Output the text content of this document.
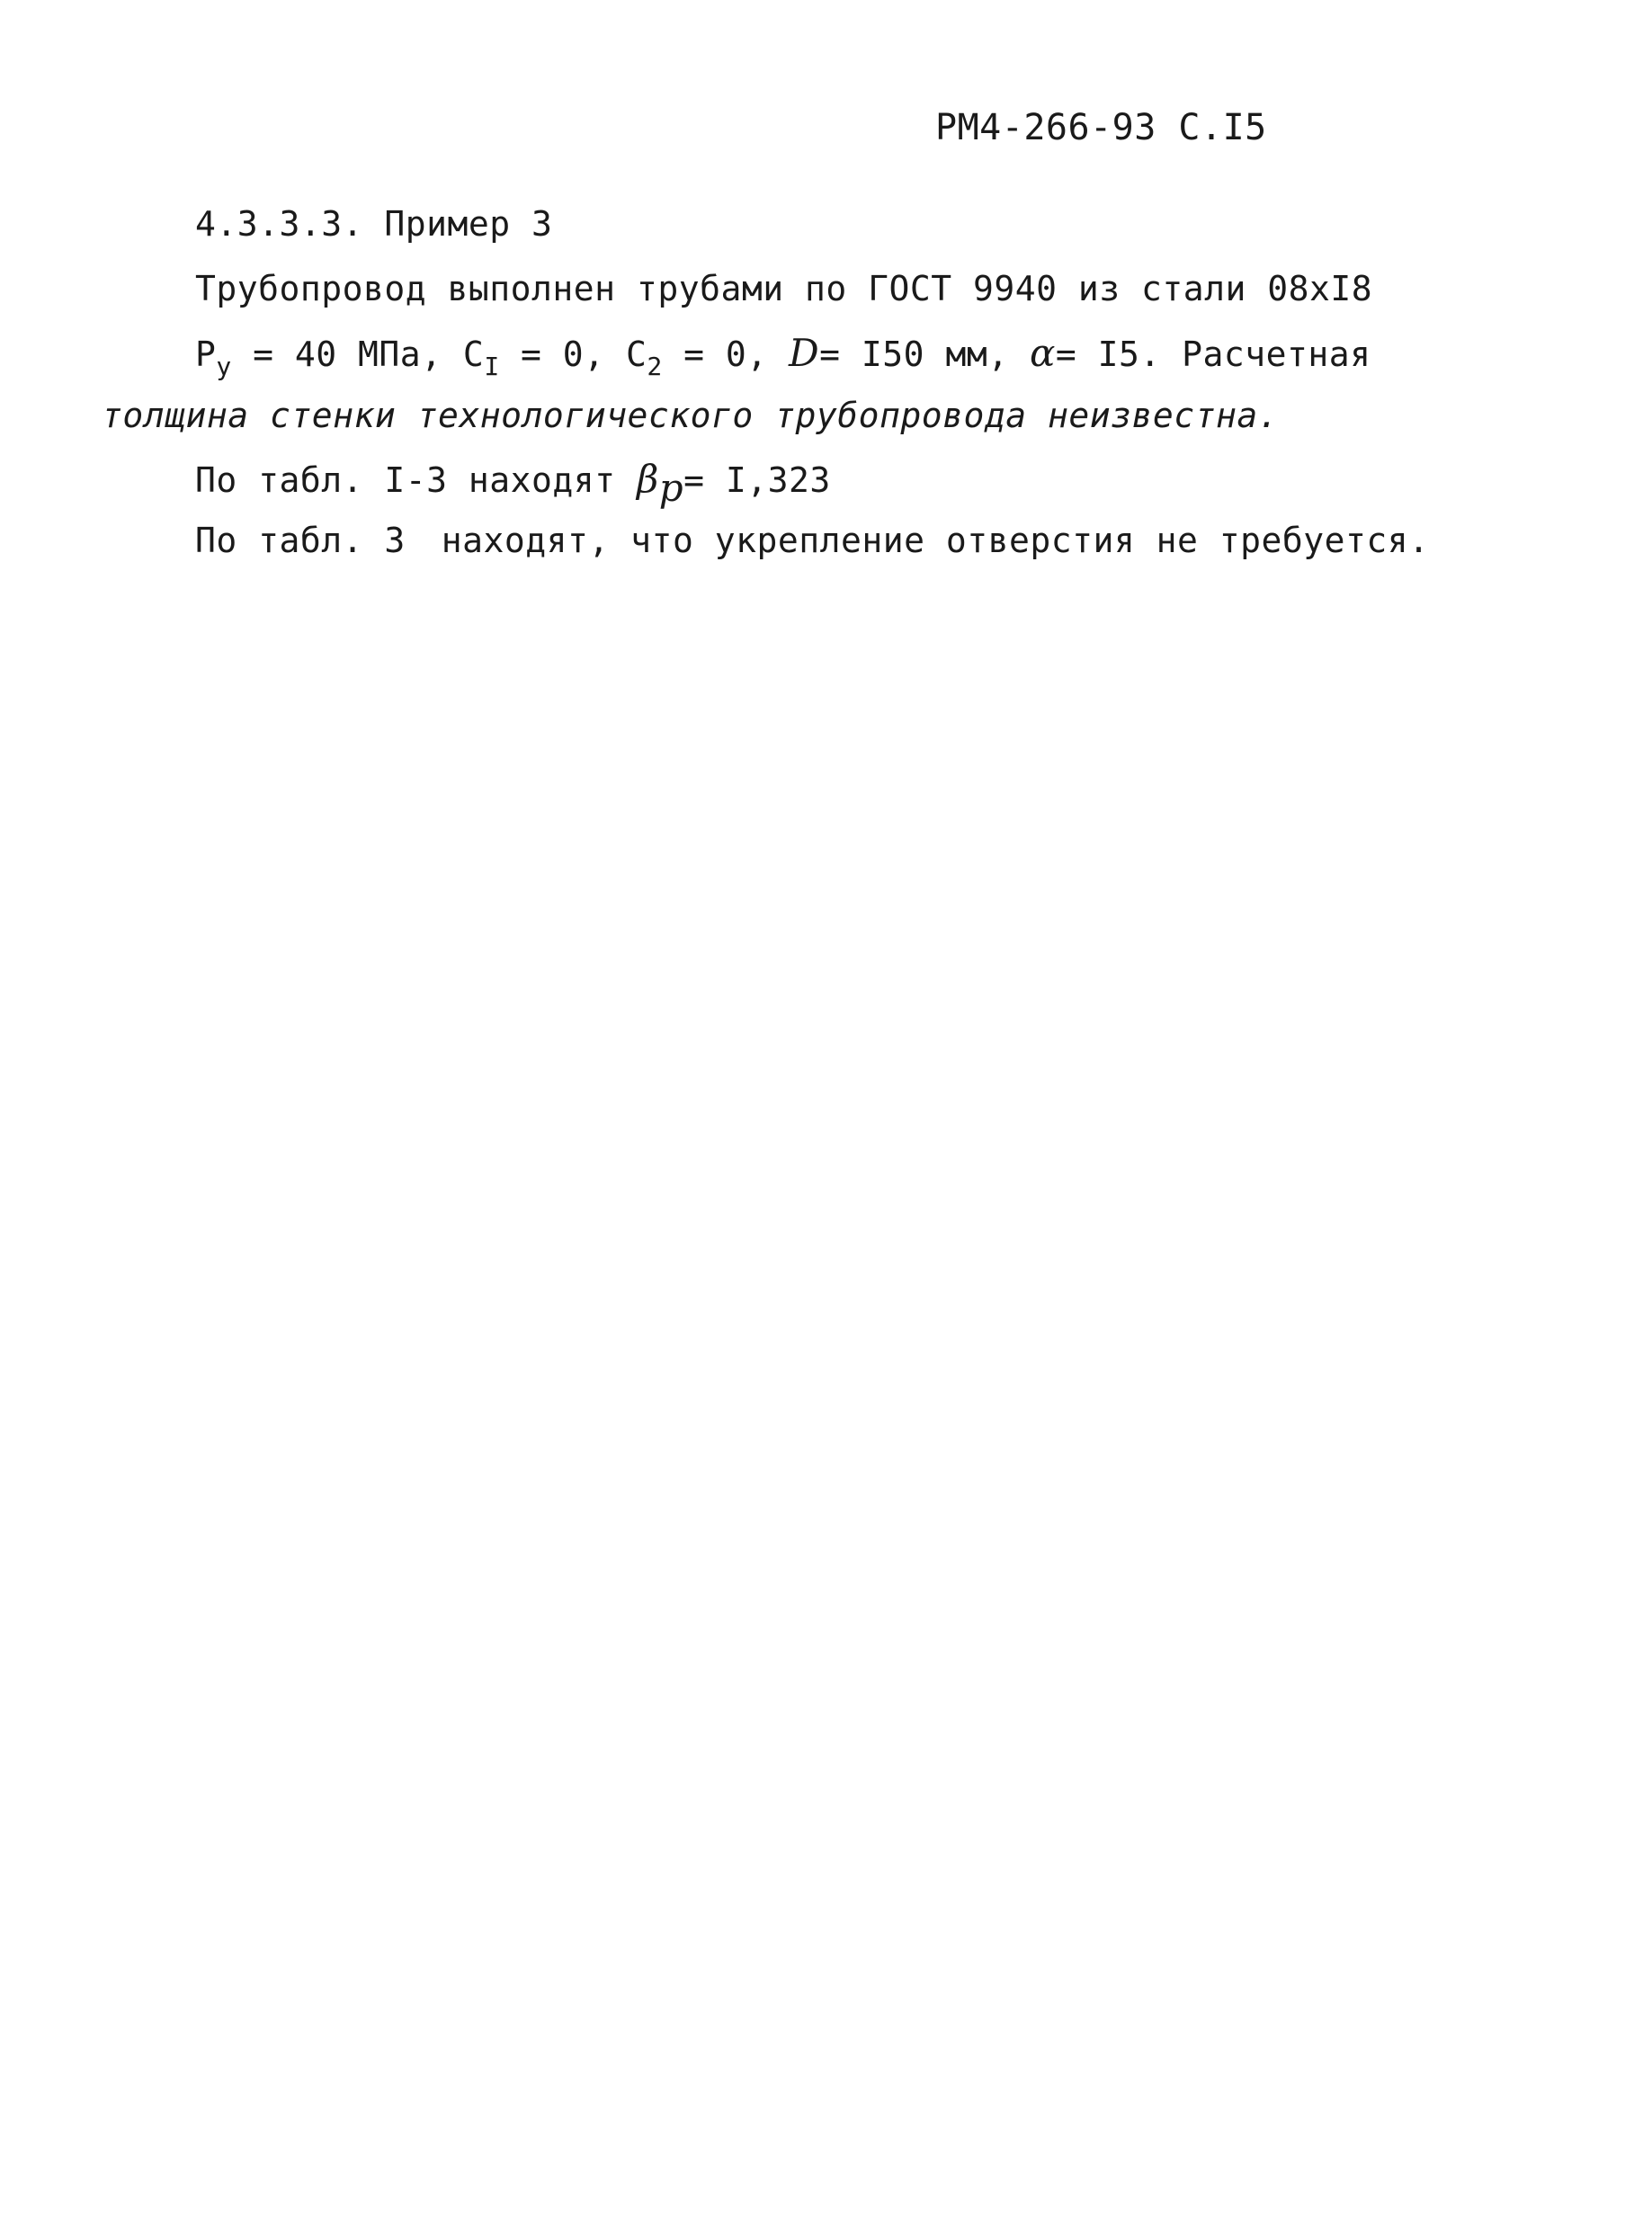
РМ4-266-93 С.I5
4.3.3.3. Пример 3
Трубопровод выполнен трубами по ГОСТ 9940 из стали 08хI8
$P_y = 40$ МПа, $C_I = 0$, $C_2 = 0$, D= I50 мм, α= I5. Расчетная
толщина стенки технологического трубопровода неизвестна.
По табл. I-3 находят $\beta_р= I,323$
По табл. 3 находят, что укрепление отверстия не требуется.
